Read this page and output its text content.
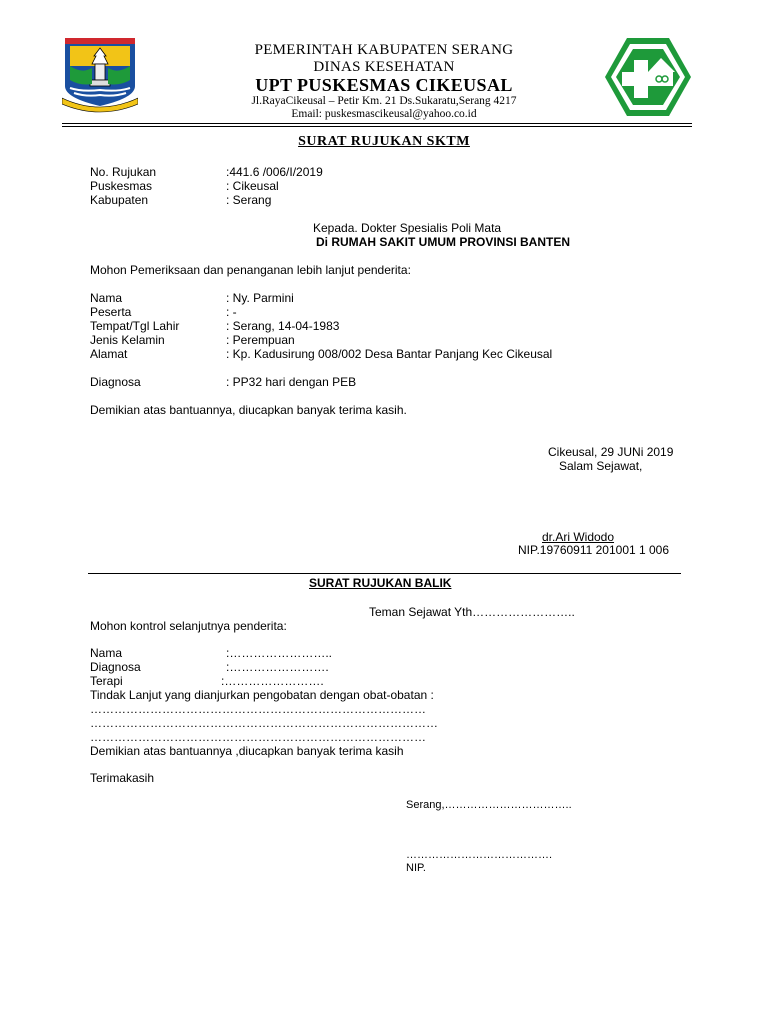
PEMERINTAH KABUPATEN SERANG
DINAS KESEHATAN
UPT PUSKESMAS CIKEUSAL
Jl.RayaCikeusal – Petir Km. 21 Ds.Sukaratu,Serang 4217
Email: puskesmascikeusal@yahoo.co.id
SURAT RUJUKAN SKTM
No. Rujukan	:441.6 /006/I/2019
Puskesmas	: Cikeusal
Kabupaten	: Serang
Kepada. Dokter Spesialis Poli Mata
Di RUMAH SAKIT UMUM PROVINSI BANTEN
Mohon Pemeriksaan dan penanganan lebih lanjut penderita:
Nama	: Ny. Parmini
Peserta	: -
Tempat/Tgl Lahir	: Serang, 14-04-1983
Jenis Kelamin	: Perempuan
Alamat	: Kp. Kadusirung 008/002 Desa Bantar Panjang Kec Cikeusal
Diagnosa	: PP32 hari dengan PEB
Demikian atas bantuannya, diucapkan banyak terima kasih.
Cikeusal, 29 JUNi 2019
Salam Sejawat,
dr.Ari Widodo
NIP.19760911 201001 1 006
SURAT RUJUKAN BALIK
Teman Sejawat Yth……………………..
Mohon kontrol selanjutnya penderita:
Nama	:……………………..
Diagnosa	:…………………….
Terapi	:…………………….
Tindak Lanjut yang dianjurkan pengobatan dengan obat-obatan :
…………………………………………………………………………
……………………………………………………………………………
…………………………………………………………………………
Demikian atas bantuannya ,diucapkan banyak terima kasih
Terimakasih
Serang,……………………………..
………………………………….
NIP.
